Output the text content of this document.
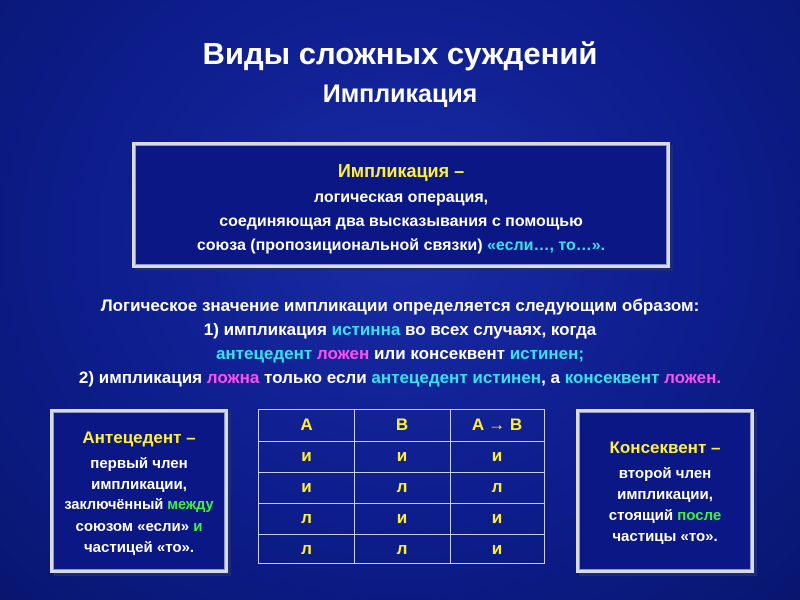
Виды сложных суждений
Импликация
Импликация –
логическая операция,
соединяющая два высказывания с помощью
союза (пропозициональной связки) «если…, то…».
Логическое значение импликации определяется следующим образом:
1) импликация истинна во всех случаях, когда
антецедент ложен или консеквент истинен;
2) импликация ложна только если антецедент истинен, а консеквент ложен.
Антецедент –
первый член
импликации,
заключённый между
союзом «если» и
частицей «то».
A	B	A → B
и	и	и
и	л	л
л	и	и
л	л	и
Консеквент –
второй член
импликации,
стоящий после
частицы «то».
